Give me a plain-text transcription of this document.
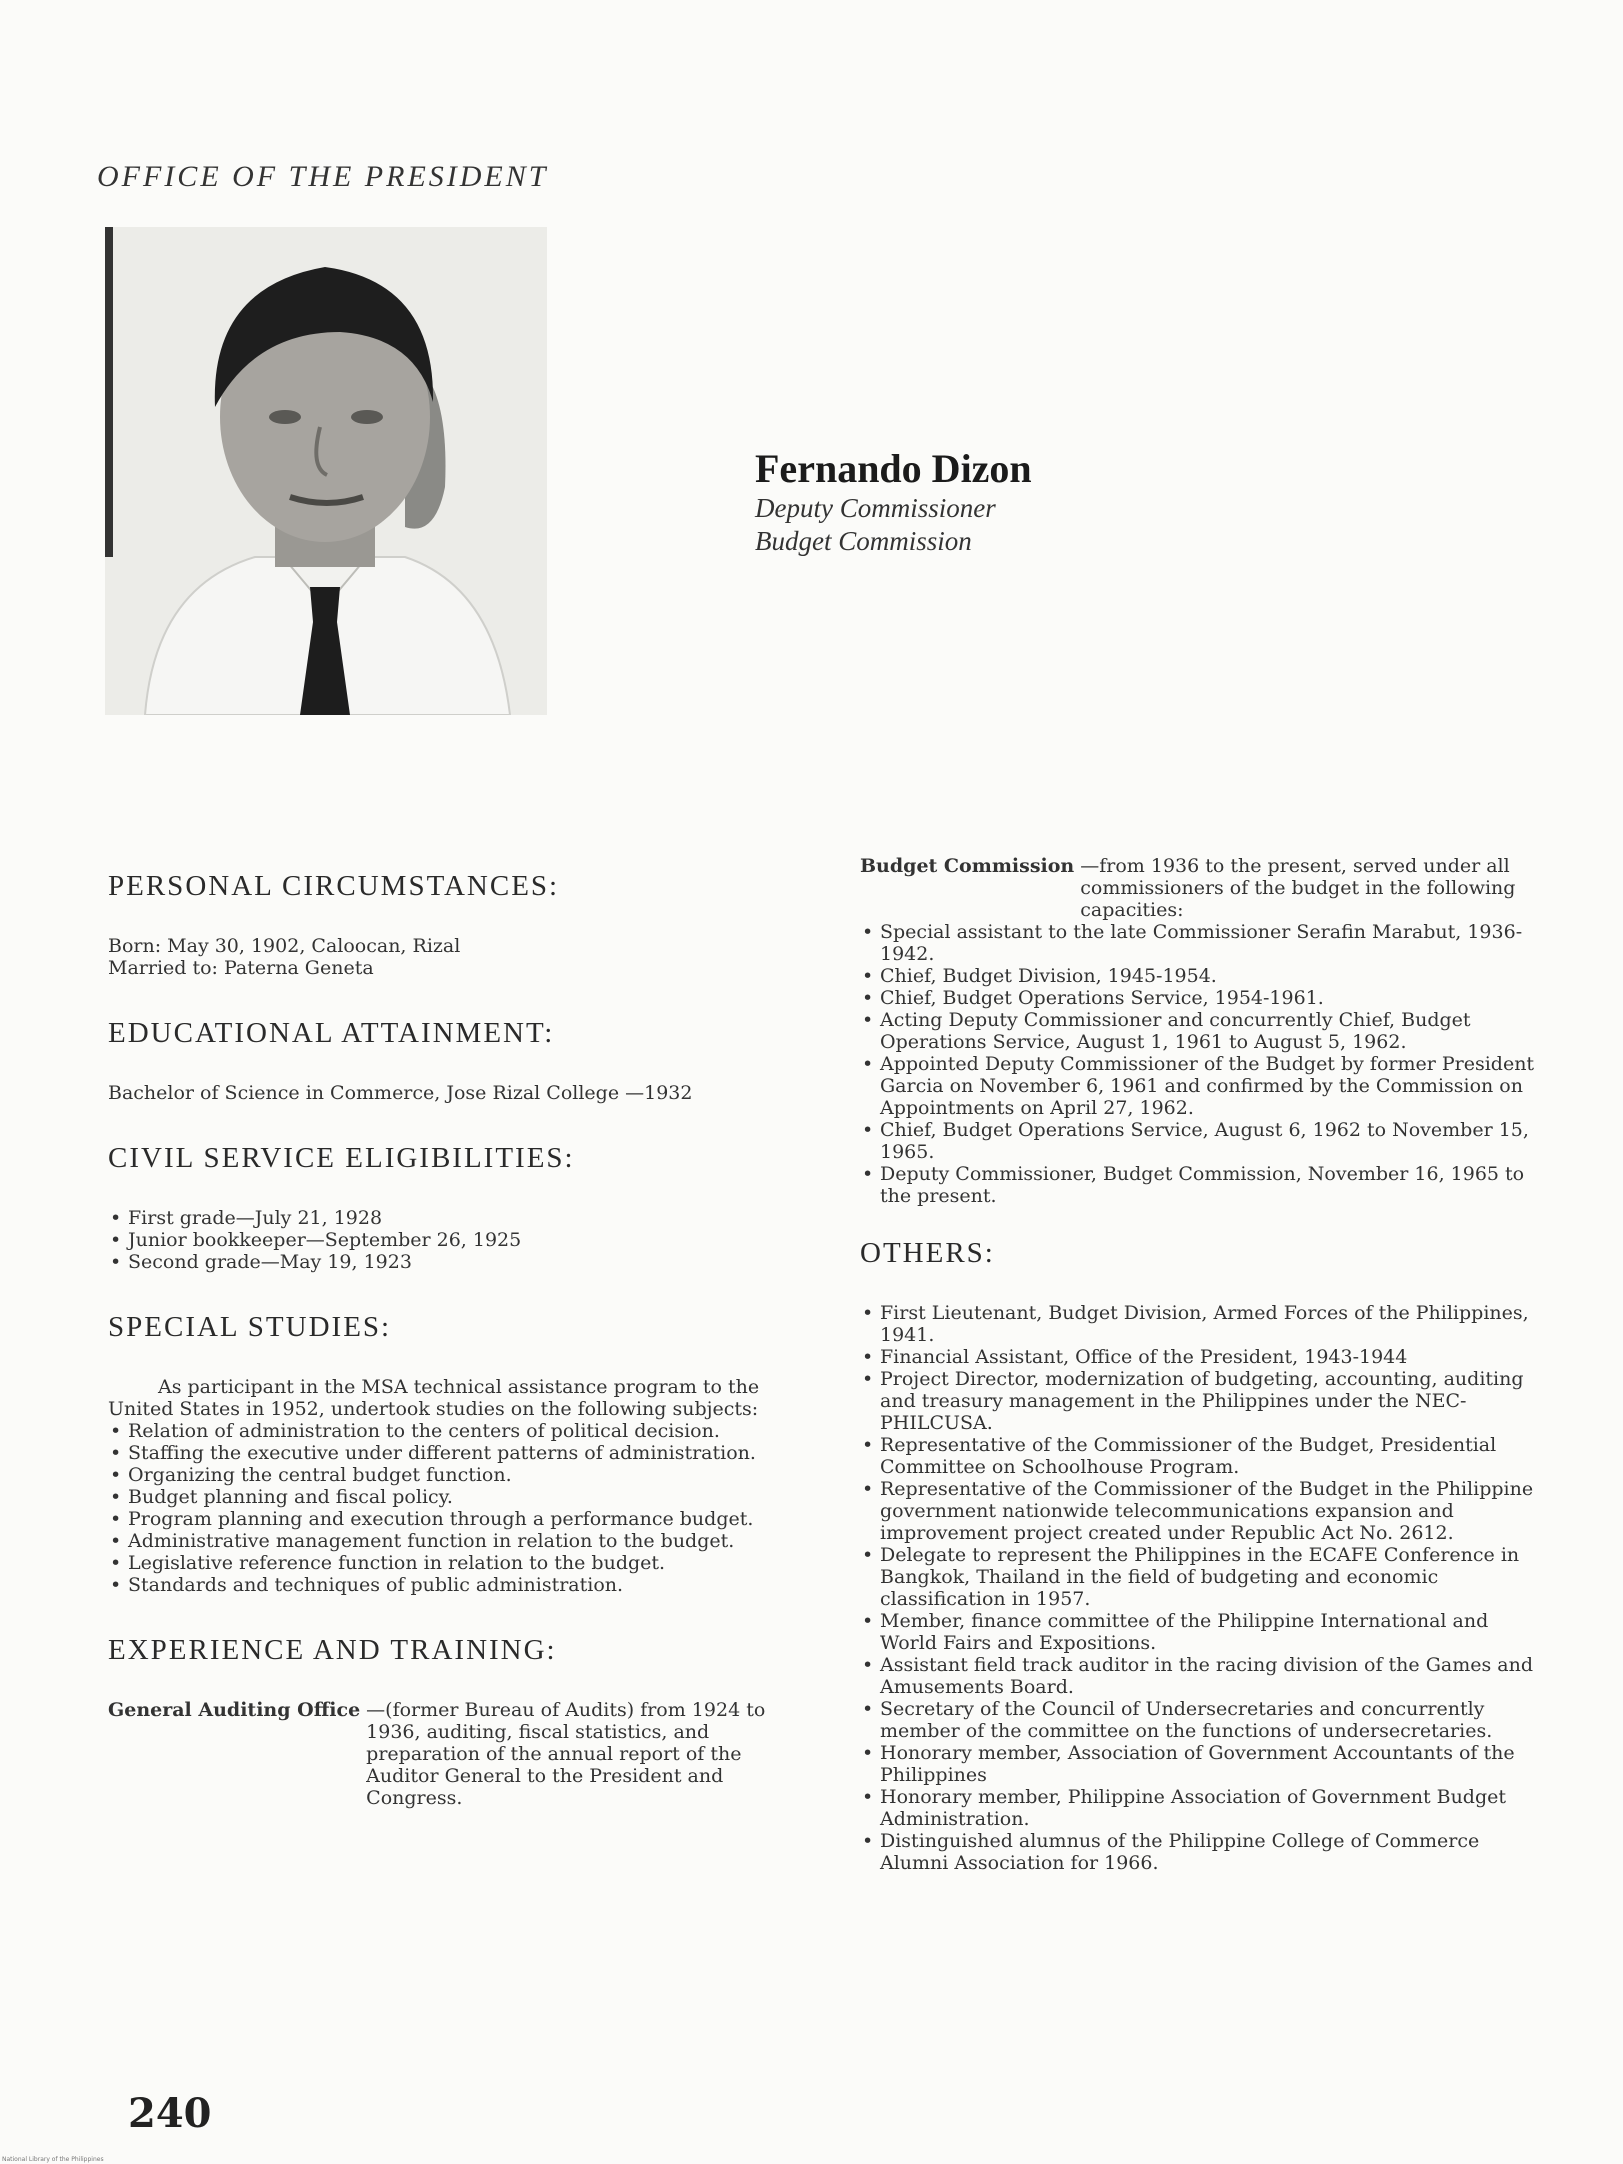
OFFICE OF THE PRESIDENT
Fernando Dizon
Deputy Commissioner
Budget Commission
PERSONAL CIRCUMSTANCES:

Born: May 30, 1902, Caloocan, Rizal

Married to: Paterna Geneta

EDUCATIONAL ATTAINMENT:

Bachelor of Science in Commerce, Jose Rizal College —1932

CIVIL SERVICE ELIGIBILITIES:
• First grade—July 21, 1928
• Junior bookkeeper—September 26, 1925
• Second grade—May 19, 1923
SPECIAL STUDIES:

As participant in the MSA technical assistance program to the United States in 1952, undertook studies on the following subjects:

• Relation of administration to the centers of political decision.
• Staffing the executive under different patterns of administration.
• Organizing the central budget function.
• Budget planning and fiscal policy.
• Program planning and execution through a performance budget.
• Administrative management function in relation to the budget.
• Legislative reference function in relation to the budget.
• Standards and techniques of public administration.
EXPERIENCE AND TRAINING:

General Auditing Office —(former Bureau of Audits) from 1924 to 1936, auditing, fiscal statistics, and preparation of the annual report of the Auditor General to the President and Congress.

Budget Commission —from 1936 to the present, served under all commissioners of the budget in the following capacities:

• Special assistant to the late Commissioner Serafin Marabut, 1936-1942.
• Chief, Budget Division, 1945-1954.
• Chief, Budget Operations Service, 1954-1961.
• Acting Deputy Commissioner and concurrently Chief, Budget Operations Service, August 1, 1961 to August 5, 1962.
• Appointed Deputy Commissioner of the Budget by former President Garcia on November 6, 1961 and confirmed by the Commission on Appointments on April 27, 1962.
• Chief, Budget Operations Service, August 6, 1962 to November 15, 1965.
• Deputy Commissioner, Budget Commission, November 16, 1965 to the present.
OTHERS:
• First Lieutenant, Budget Division, Armed Forces of the Philippines, 1941.
• Financial Assistant, Office of the President, 1943-1944
• Project Director, modernization of budgeting, accounting, auditing and treasury management in the Philippines under the NEC-PHILCUSA.
• Representative of the Commissioner of the Budget, Presidential Committee on Schoolhouse Program.
• Representative of the Commissioner of the Budget in the Philippine government nationwide telecommunications expansion and improvement project created under Republic Act No. 2612.
• Delegate to represent the Philippines in the ECAFE Conference in Bangkok, Thailand in the field of budgeting and economic classification in 1957.
• Member, finance committee of the Philippine International and World Fairs and Expositions.
• Assistant field track auditor in the racing division of the Games and Amusements Board.
• Secretary of the Council of Undersecretaries and concurrently member of the committee on the functions of undersecretaries.
• Honorary member, Association of Government Accountants of the Philippines
• Honorary member, Philippine Association of Government Budget Administration.
• Distinguished alumnus of the Philippine College of Commerce Alumni Association for 1966.
240
National Library of the Philippines
